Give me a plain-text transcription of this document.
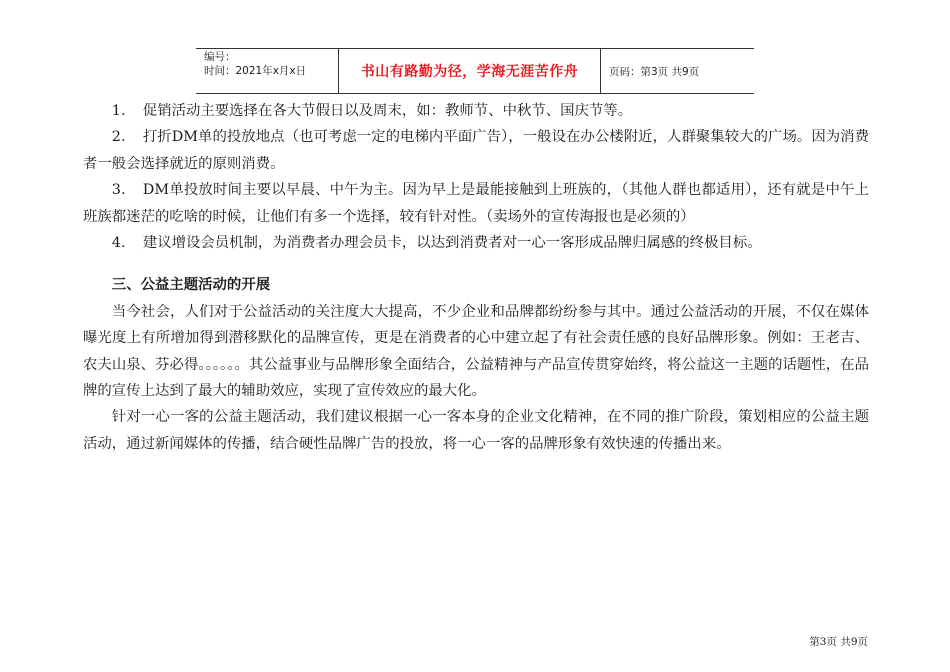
编号：
时间：2021年x月x日	书山有路勤为径，学海无涯苦作舟	页码：第3页 共9页

1. 促销活动主要选择在各大节假日以及周末，如：教师节、中秋节、国庆节等。

2. 打折DM单的投放地点（也可考虑一定的电梯内平面广告），一般设在办公楼附近，人群聚集较大的广场。因为消费者一般会选择就近的原则消费。

3. DM单投放时间主要以早晨、中午为主。因为早上是最能接触到上班族的，（其他人群也都适用），还有就是中午上班族都迷茫的吃啥的时候，让他们有多一个选择，较有针对性。（卖场外的宣传海报也是必须的）

4. 建议增设会员机制，为消费者办理会员卡，以达到消费者对一心一客形成品牌归属感的终极目标。

三、公益主题活动的开展

当今社会，人们对于公益活动的关注度大大提高，不少企业和品牌都纷纷参与其中。通过公益活动的开展，不仅在媒体曝光度上有所增加得到潜移默化的品牌宣传，更是在消费者的心中建立起了有社会责任感的良好品牌形象。例如：王老吉、农夫山泉、芬必得。。。。。。其公益事业与品牌形象全面结合，公益精神与产品宣传贯穿始终，将公益这一主题的话题性，在品牌的宣传上达到了最大的辅助效应，实现了宣传效应的最大化。

针对一心一客的公益主题活动，我们建议根据一心一客本身的企业文化精神，在不同的推广阶段，策划相应的公益主题活动，通过新闻媒体的传播，结合硬性品牌广告的投放，将一心一客的品牌形象有效快速的传播出来。

第3页 共9页
